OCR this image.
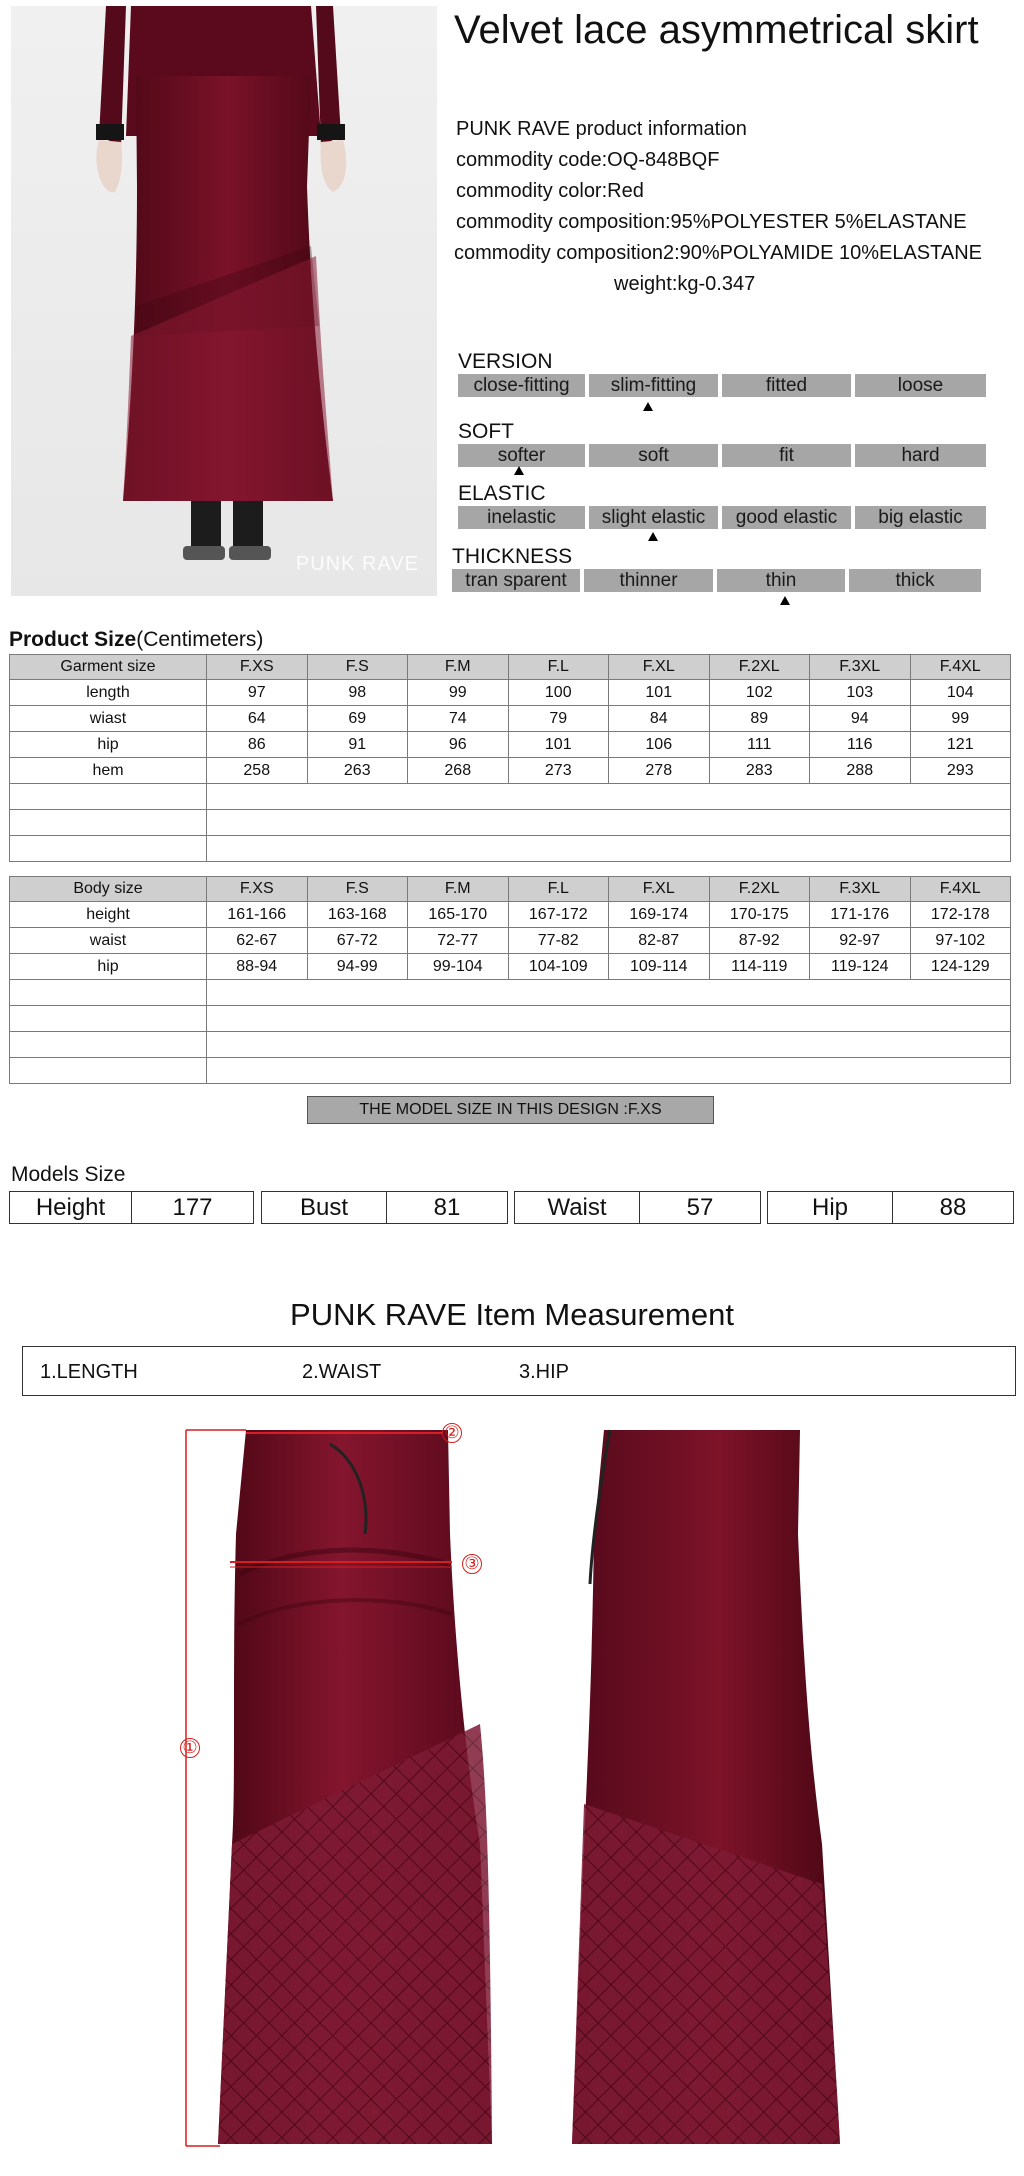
PUNK RAVE
Velvet lace asymmetrical skirt
PUNK RAVE product information
commodity code:OQ-848BQF
commodity color:Red
commodity composition:95%POLYESTER 5%ELASTANE
commodity composition2:90%POLYAMIDE 10%ELASTANE
weight:kg-0.347
VERSION
close-fitting	slim-fitting	fitted	loose
SOFT
softer	soft	fit	hard
ELASTIC
inelastic	slight elastic	good elastic	big elastic
THICKNESS
tran sparent	thinner	thin	thick
Product Size(Centimeters)
Garment size	F.XS	F.S	F.M	F.L	F.XL	F.2XL	F.3XL	F.4XL
length	97	98	99	100	101	102	103	104
wiast	64	69	74	79	84	89	94	99
hip	86	91	96	101	106	111	116	121
hem	258	263	268	273	278	283	288	293

Body size	F.XS	F.S	F.M	F.L	F.XL	F.2XL	F.3XL	F.4XL
height	161-166	163-168	165-170	167-172	169-174	170-175	171-176	172-178
waist	62-67	67-72	72-77	77-82	82-87	87-92	92-97	97-102
hip	88-94	94-99	99-104	104-109	109-114	114-119	119-124	124-129

THE MODEL SIZE IN THIS DESIGN :F.XS
Models Size
Height	177	Bust	81	Waist	57	Hip	88
PUNK RAVE Item Measurement
1.LENGTH	2.WAIST	3.HIP
①
②
③
